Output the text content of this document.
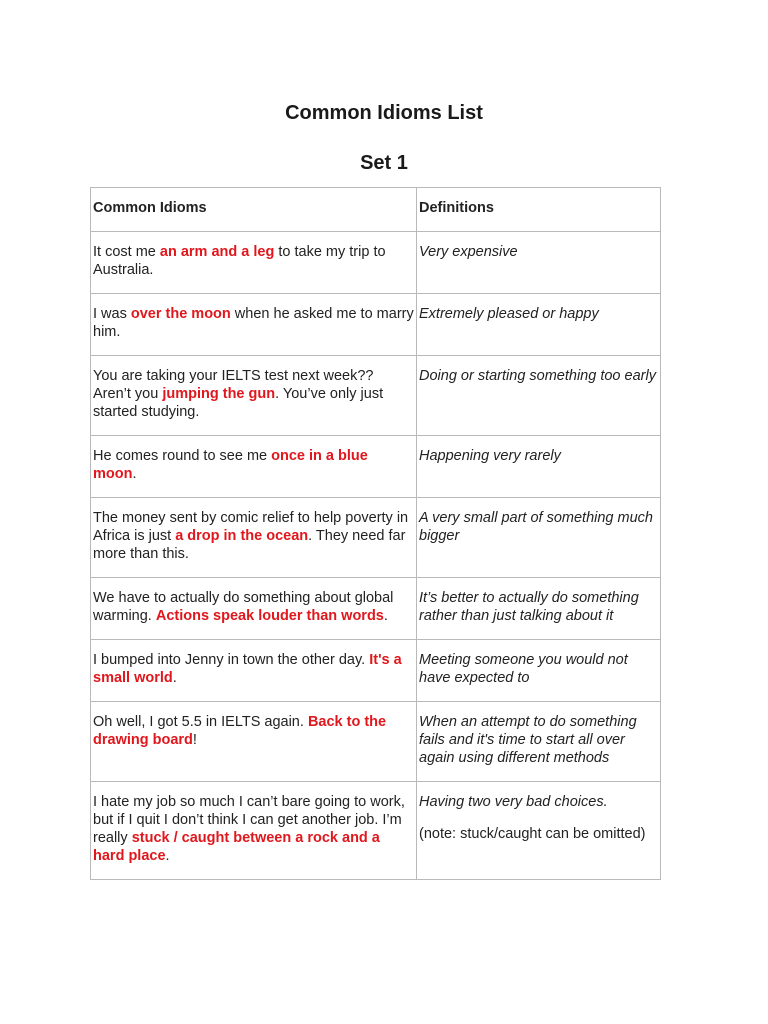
Common Idioms List
Set 1
Common Idioms	Definitions
It cost me an arm and a leg to take my trip to Australia.	Very expensive
I was over the moon when he asked me to marry him.	Extremely pleased or happy
You are taking your IELTS test next week?? Aren’t you jumping the gun. You’ve only just started studying.	Doing or starting something too early
He comes round to see me once in a blue moon.	Happening very rarely
The money sent by comic relief to help poverty in Africa is just a drop in the ocean. They need far more than this.	A very small part of something much bigger
We have to actually do something about global warming. Actions speak louder than words.	It’s better to actually do something rather than just talking about it
I bumped into Jenny in town the other day. It's a small world.	Meeting someone you would not have expected to
Oh well, I got 5.5 in IELTS again. Back to the drawing board!	When an attempt to do something fails and it's time to start all over again using different methods
I hate my job so much I can’t bare going to work, but if I quit I don’t think I can get another job. I’m really stuck / caught between a rock and a hard place.	Having two very bad choices.
(note: stuck/caught can be omitted)
